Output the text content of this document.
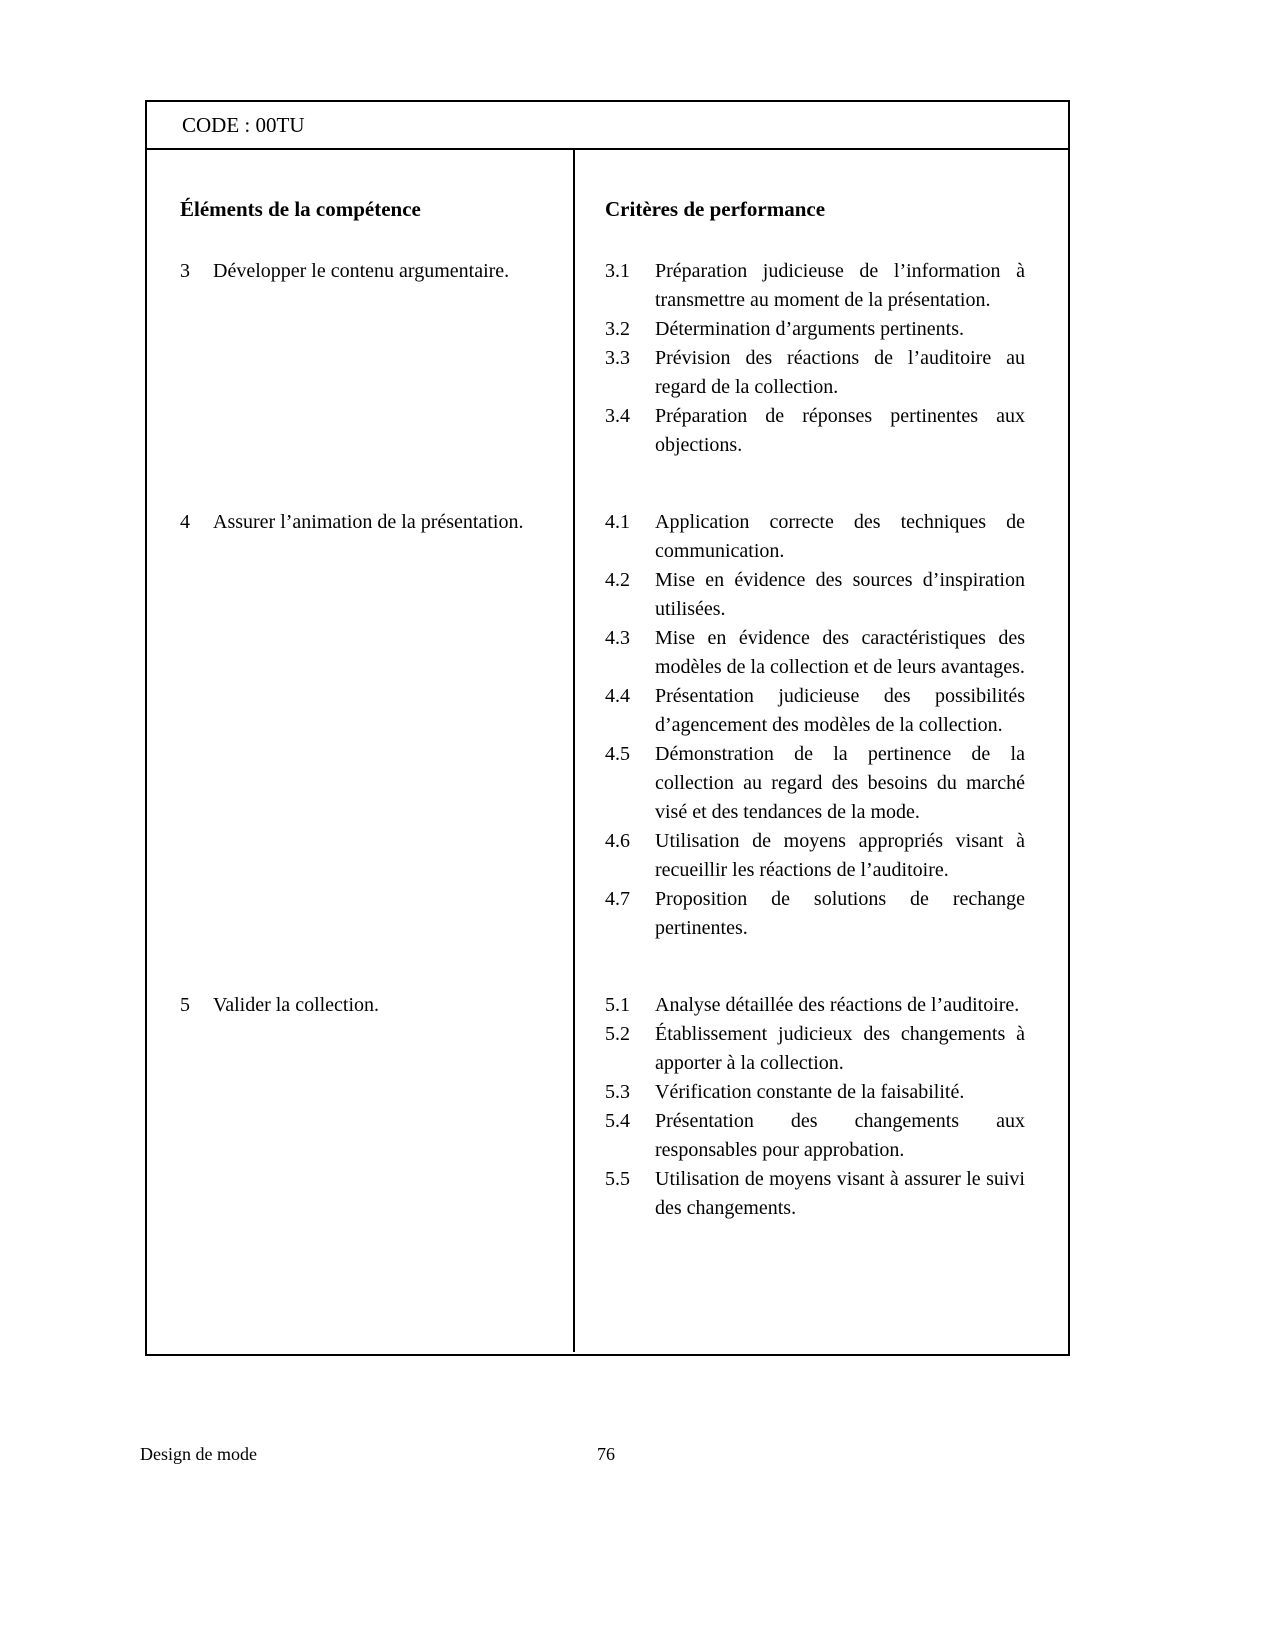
CODE : 00TU
Éléments de la compétence	Critères de performance
3	Développer le contenu argumentaire.	3.1	Préparation judicieuse de l’information à transmettre au moment de la présentation.
3.2	Détermination d’arguments pertinents.
3.3	Prévision des réactions de l’auditoire au regard de la collection.
3.4	Préparation de réponses pertinentes aux objections.
4	Assurer l’animation de la présentation.	4.1	Application correcte des techniques de communication.
4.2	Mise en évidence des sources d’inspiration utilisées.
4.3	Mise en évidence des caractéristiques des modèles de la collection et de leurs avantages.
4.4	Présentation judicieuse des possibilités d’agencement des modèles de la collection.
4.5	Démonstration de la pertinence de la collection au regard des besoins du marché visé et des tendances de la mode.
4.6	Utilisation de moyens appropriés visant à recueillir les réactions de l’auditoire.
4.7	Proposition de solutions de rechange pertinentes.
5	Valider la collection.	5.1	Analyse détaillée des réactions de l’auditoire.
5.2	Établissement judicieux des changements à apporter à la collection.
5.3	Vérification constante de la faisabilité.
5.4	Présentation des changements aux responsables pour approbation.
5.5	Utilisation de moyens visant à assurer le suivi des changements.
Design de mode	76
